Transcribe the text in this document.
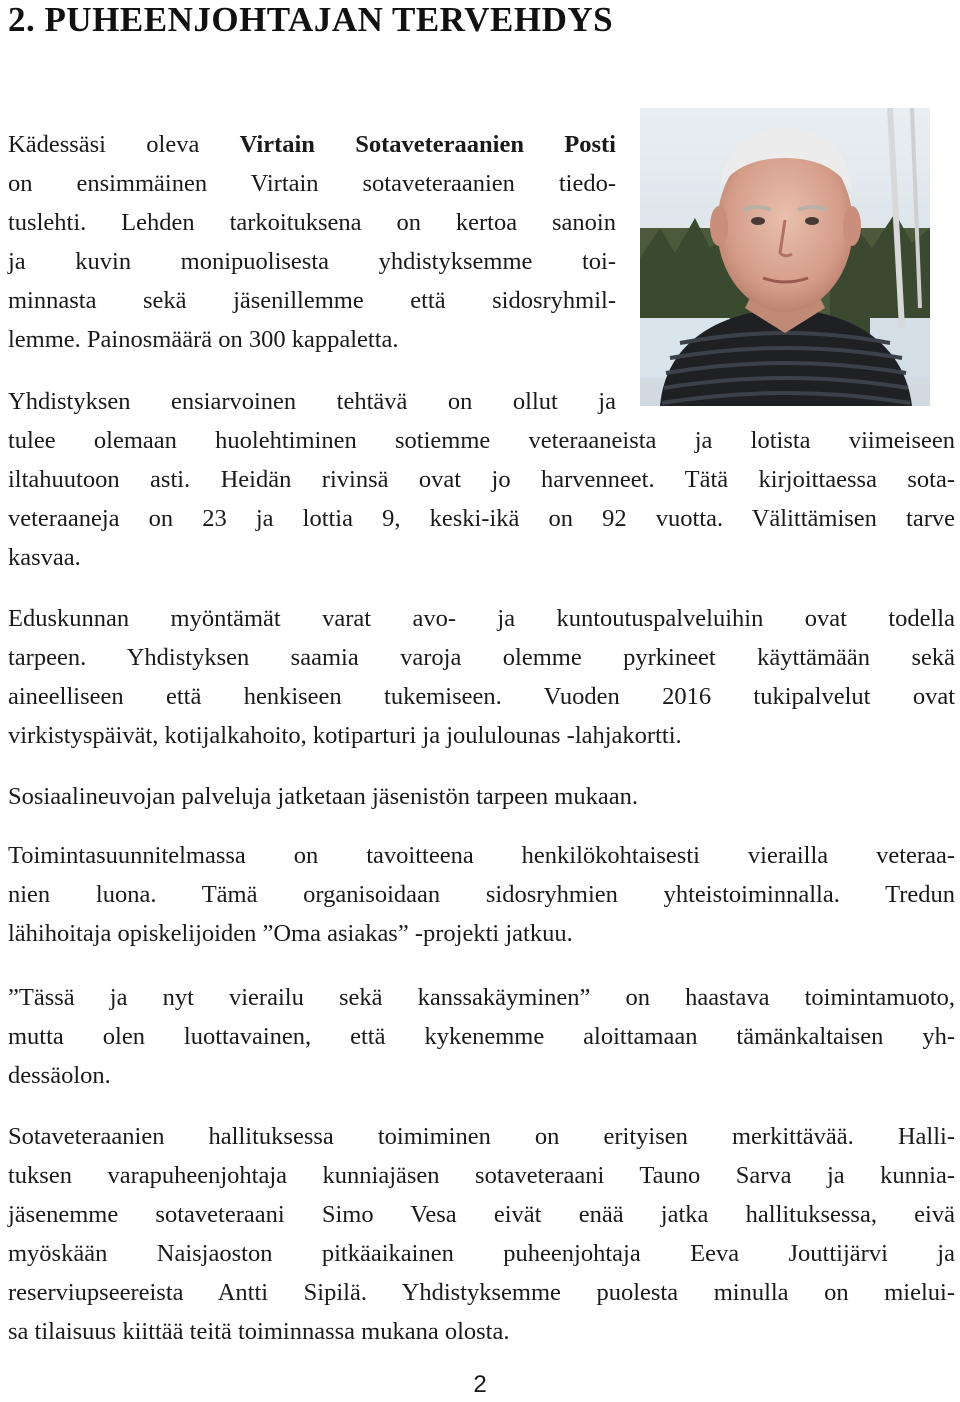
2. PUHEENJOHTAJAN TERVEHDYS
Kädessäsi oleva Virtain Sotaveteraanien Posti
on ensimmäinen Virtain sotaveteraanien tiedo-
tuslehti. Lehden tarkoituksena on kertoa sanoin
ja kuvin monipuolisesta yhdistyksemme toi-
minnasta sekä jäsenillemme että sidosryhmil-
lemme. Painosmäärä on 300 kappaletta.
Yhdistyksen ensiarvoinen tehtävä on ollut ja
tulee olemaan huolehtiminen sotiemme veteraaneista ja lotista viimeiseen
iltahuutoon asti. Heidän rivinsä ovat jo harvenneet. Tätä kirjoittaessa sota-
veteraaneja on 23 ja lottia 9, keski-ikä on 92 vuotta. Välittämisen tarve
kasvaa.
Eduskunnan myöntämät varat avo- ja kuntoutuspalveluihin ovat todella
tarpeen. Yhdistyksen saamia varoja olemme pyrkineet käyttämään sekä
aineelliseen että henkiseen tukemiseen. Vuoden 2016 tukipalvelut ovat
virkistyspäivät, kotijalkahoito, kotiparturi ja joululounas -lahjakortti.
Sosiaalineuvojan palveluja jatketaan jäsenistön tarpeen mukaan.
Toimintasuunnitelmassa on tavoitteena henkilökohtaisesti vierailla veteraa-
nien luona. Tämä organisoidaan sidosryhmien yhteistoiminnalla. Tredun
lähihoitaja opiskelijoiden ”Oma asiakas” -projekti jatkuu.
”Tässä ja nyt vierailu sekä kanssakäyminen” on haastava toimintamuoto,
mutta olen luottavainen, että kykenemme aloittamaan tämänkaltaisen yh-
dessäolon.
Sotaveteraanien hallituksessa toimiminen on erityisen merkittävää. Halli-
tuksen varapuheenjohtaja kunniajäsen sotaveteraani Tauno Sarva ja kunnia-
jäsenemme sotaveteraani Simo Vesa eivät enää jatka hallituksessa, eivä
myöskään Naisjaoston pitkäaikainen puheenjohtaja Eeva Jouttijärvi ja
reserviupseereista Antti Sipilä. Yhdistyksemme puolesta minulla on mielui-
sa tilaisuus kiittää teitä toiminnassa mukana olosta.
2
